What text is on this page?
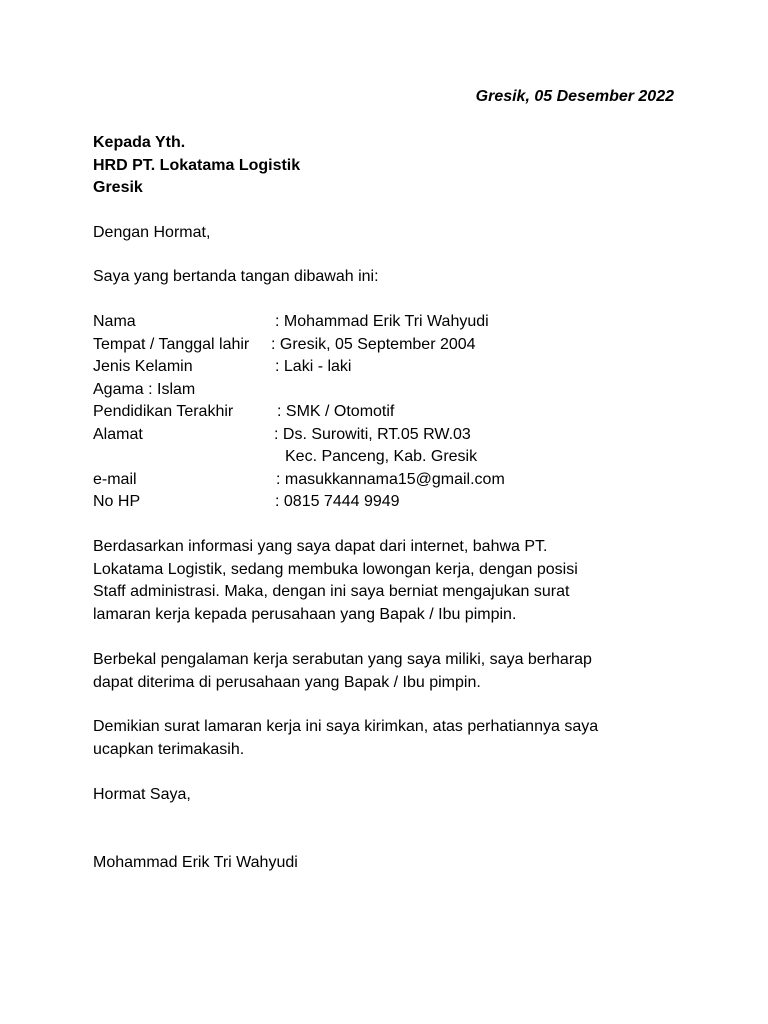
Gresik, 05 Desember 2022
Kepada Yth.
HRD PT. Lokatama Logistik
Gresik
Dengan Hormat,
Saya yang bertanda tangan dibawah ini:
Nama	: Mohammad Erik Tri Wahyudi
Tempat / Tanggal lahir : Gresik, 05 September 2004
Jenis Kelamin	: Laki - laki
Agama : Islam
Pendidikan Terakhir	: SMK / Otomotif
Alamat	: Ds. Surowiti, RT.05 RW.03
Kec. Panceng, Kab. Gresik
e-mail	: masukkannama15@gmail.com
No HP	: 0815 7444 9949
Berdasarkan informasi yang saya dapat dari internet, bahwa PT.
Lokatama Logistik, sedang membuka lowongan kerja, dengan posisi
Staff administrasi. Maka, dengan ini saya berniat mengajukan surat
lamaran kerja kepada perusahaan yang Bapak / Ibu pimpin.
Berbekal pengalaman kerja serabutan yang saya miliki, saya berharap
dapat diterima di perusahaan yang Bapak / Ibu pimpin.
Demikian surat lamaran kerja ini saya kirimkan, atas perhatiannya saya
ucapkan terimakasih.
Hormat Saya,
Mohammad Erik Tri Wahyudi
